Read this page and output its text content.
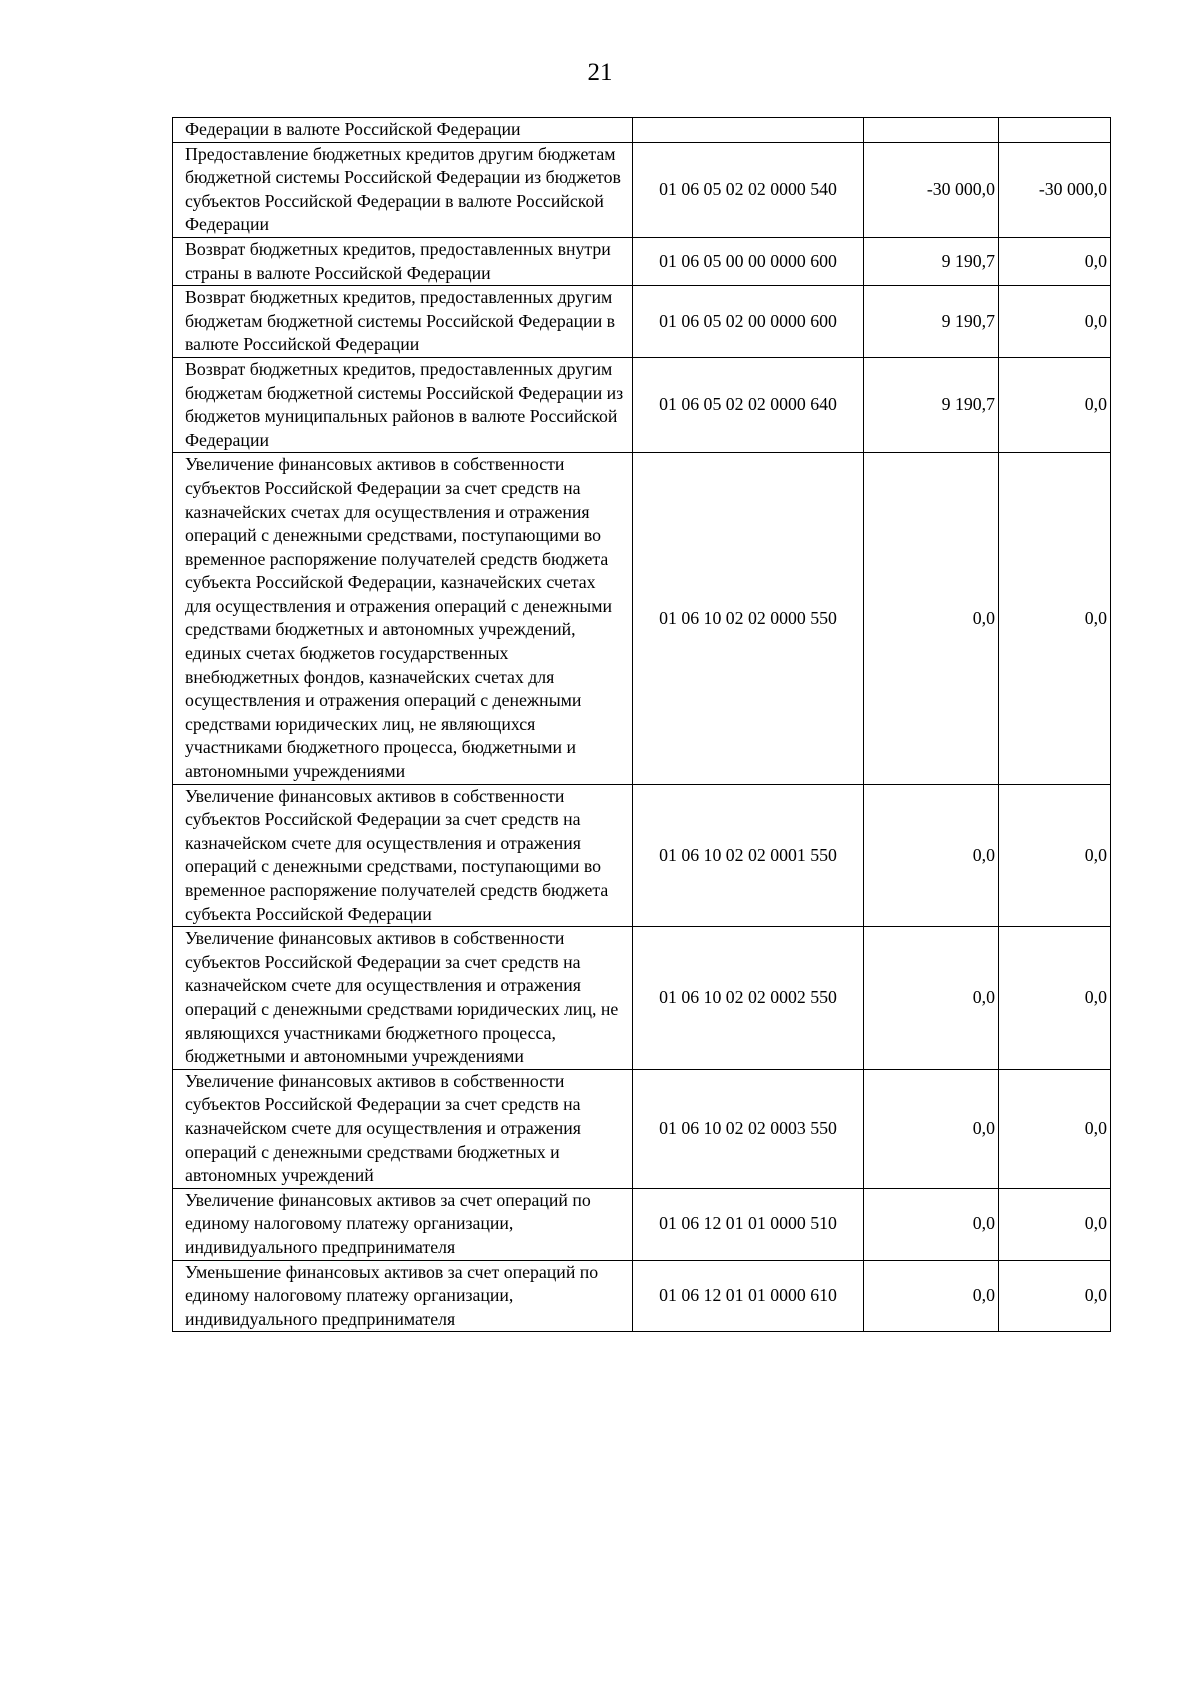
21
Федерации в валюте Российской Федерации			
Предоставление бюджетных кредитов другим бюджетам бюджетной системы Российской Федерации из бюджетов субъектов Российской Федерации в валюте Российской Федерации	01 06 05 02 02 0000 540	-30 000,0	-30 000,0
Возврат бюджетных кредитов, предоставленных внутри страны в валюте Российской Федерации	01 06 05 00 00 0000 600	9 190,7	0,0
Возврат бюджетных кредитов, предоставленных другим бюджетам бюджетной системы Российской Федерации в валюте Российской Федерации	01 06 05 02 00 0000 600	9 190,7	0,0
Возврат бюджетных кредитов, предоставленных другим бюджетам бюджетной системы Российской Федерации из бюджетов муниципальных районов в валюте Российской Федерации	01 06 05 02 02 0000 640	9 190,7	0,0
Увеличение финансовых активов в собственности субъектов Российской Федерации за счет средств на казначейских счетах для осуществления и отражения операций с денежными средствами, поступающими во временное распоряжение получателей средств бюджета субъекта Российской Федерации, казначейских счетах для осуществления и отражения операций с денежными средствами бюджетных и автономных учреждений, единых счетах бюджетов государственных внебюджетных фондов, казначейских счетах для осуществления и отражения операций с денежными средствами юридических лиц, не являющихся участниками бюджетного процесса, бюджетными и автономными учреждениями	01 06 10 02 02 0000 550	0,0	0,0
Увеличение финансовых активов в собственности субъектов Российской Федерации за счет средств на казначейском счете для осуществления и отражения операций с денежными средствами, поступающими во временное распоряжение получателей средств бюджета субъекта Российской Федерации	01 06 10 02 02 0001 550	0,0	0,0
Увеличение финансовых активов в собственности субъектов Российской Федерации за счет средств на казначейском счете для осуществления и отражения операций с денежными средствами юридических лиц, не являющихся участниками бюджетного процесса, бюджетными и автономными учреждениями	01 06 10 02 02 0002 550	0,0	0,0
Увеличение финансовых активов в собственности субъектов Российской Федерации за счет средств на казначейском счете для осуществления и отражения операций с денежными средствами бюджетных и автономных учреждений	01 06 10 02 02 0003 550	0,0	0,0
Увеличение финансовых активов за счет операций по единому налоговому платежу организации, индивидуального предпринимателя	01 06 12 01 01 0000 510	0,0	0,0
Уменьшение финансовых активов за счет операций по единому налоговому платежу организации, индивидуального предпринимателя	01 06 12 01 01 0000 610	0,0	0,0
